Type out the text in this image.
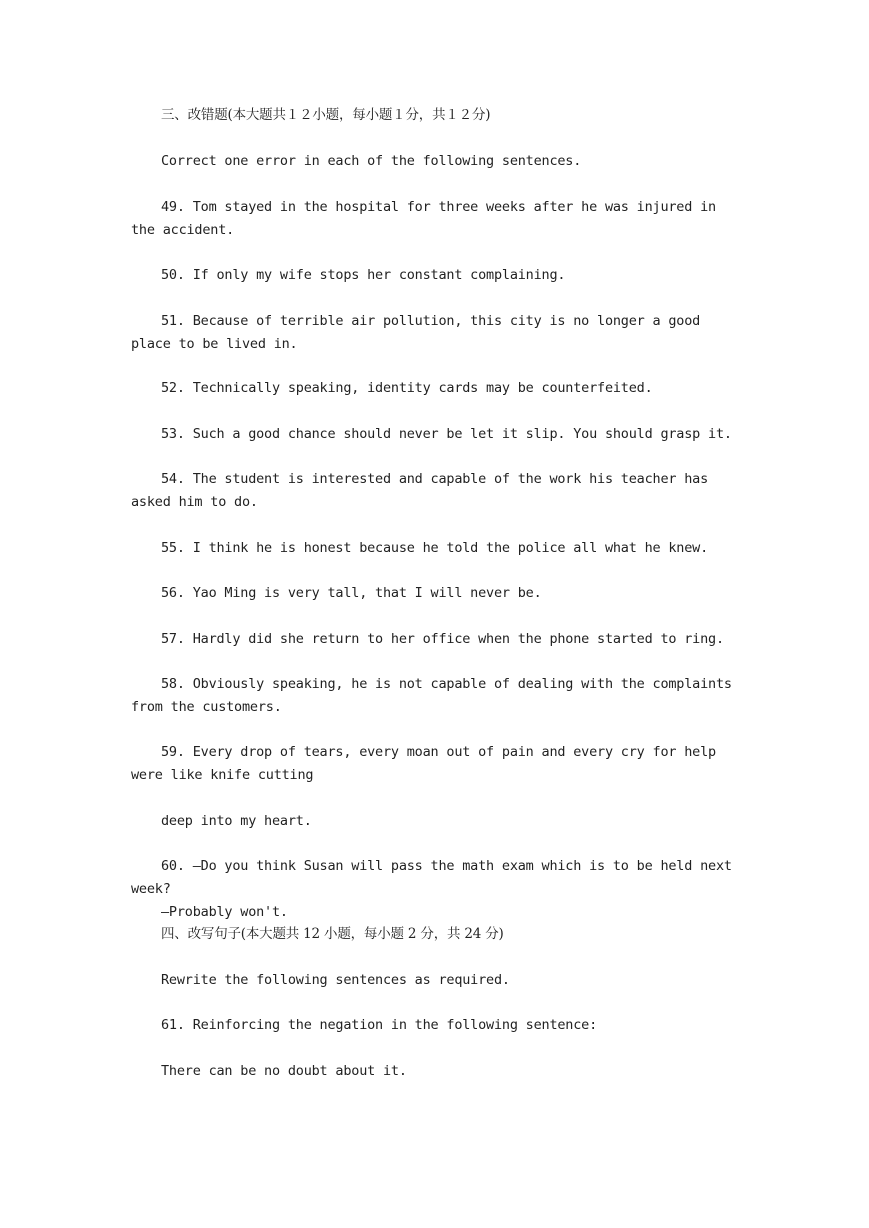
三、改错题(本大题共１２小题，每小题１分，共１２分)
Correct one error in each of the following sentences.
49. Tom stayed in the hospital for three weeks after he was injured in the accident.
50. If only my wife stops her constant complaining.
51. Because of terrible air pollution, this city is no longer a good place to be lived in.
52. Technically speaking, identity cards may be counterfeited.
53. Such a good chance should never be let it slip. You should grasp it.
54. The student is interested and capable of the work his teacher has asked him to do.
55. I think he is honest because he told the police all what he knew.
56. Yao Ming is very tall, that I will never be.
57. Hardly did she return to her office when the phone started to ring.
58. Obviously speaking, he is not capable of dealing with the complaints from the customers.
59. Every drop of tears, every moan out of pain and every cry for help were like knife cutting
deep into my heart.
60. —Do you think Susan will pass the math exam which is to be held next week?
—Probably won't.
四、改写句子(本大题共 12 小题，每小题 2 分，共 24 分)
Rewrite the following sentences as required.
61. Reinforcing the negation in the following sentence:
There can be no doubt about it.
